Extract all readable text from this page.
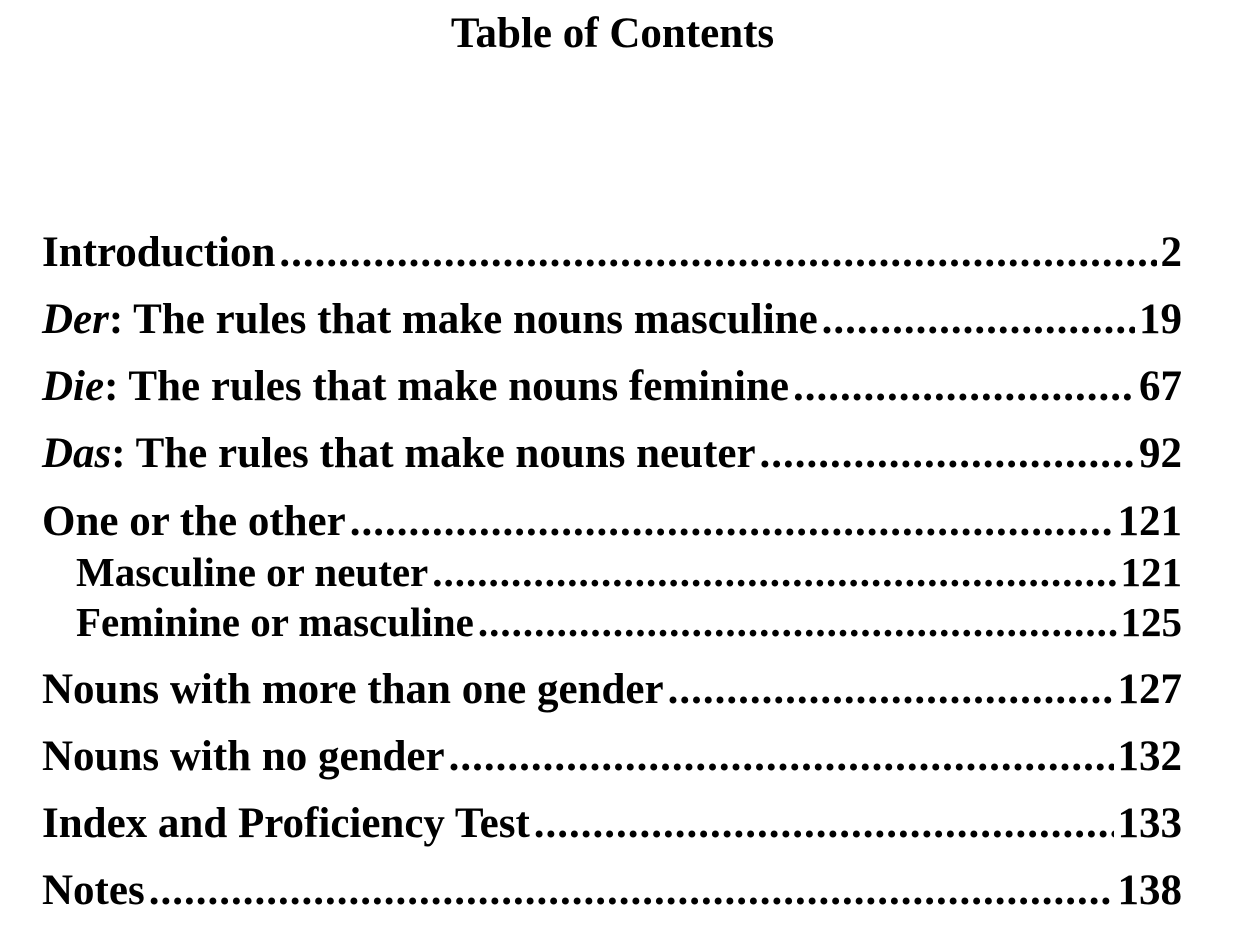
Table of Contents
Introduction .....	2
Der: The rules that make nouns masculine .....	19
Die: The rules that make nouns feminine .....	67
Das: The rules that make nouns neuter .....	92
One or the other .....	121
Masculine or neuter .....	121
Feminine or masculine .....	125
Nouns with more than one gender .....	127
Nouns with no gender .....	132
Index and Proficiency Test .....	133
Notes .....	138
